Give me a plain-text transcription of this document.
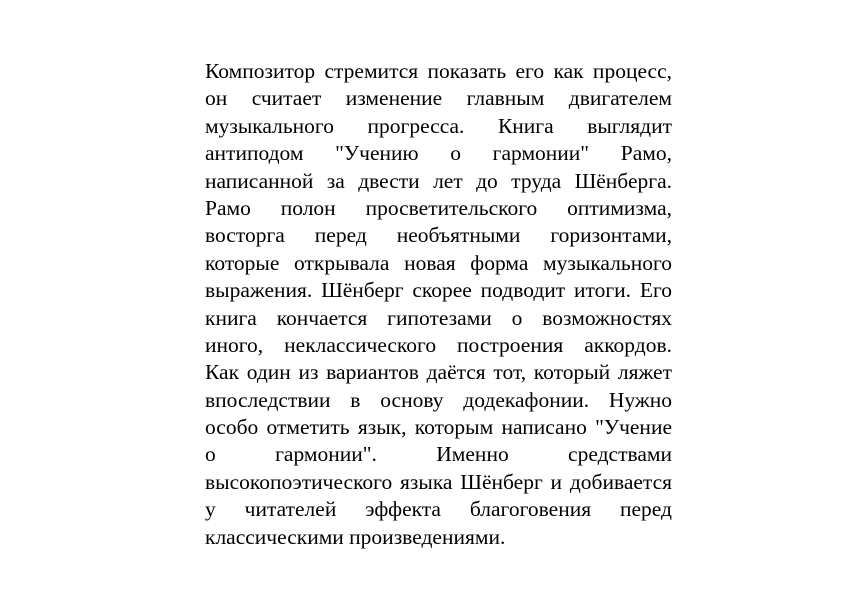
Композитор стремится показать его как процесс,
он считает изменение главным двигателем
музыкального прогресса. Книга выглядит
антиподом "Учению о гармонии" Рамо,
написанной за двести лет до труда Шёнберга.
Рамо полон просветительского оптимизма,
восторга перед необъятными горизонтами,
которые открывала новая форма музыкального
выражения. Шёнберг скорее подводит итоги. Его
книга кончается гипотезами о возможностях
иного, неклассического построения аккордов.
Как один из вариантов даётся тот, который ляжет
впоследствии в основу додекафонии. Нужно
особо отметить язык, которым написано "Учение
о гармонии". Именно средствами
высокопоэтического языка Шёнберг и добивается
у читателей эффекта благоговения перед
классическими произведениями.
